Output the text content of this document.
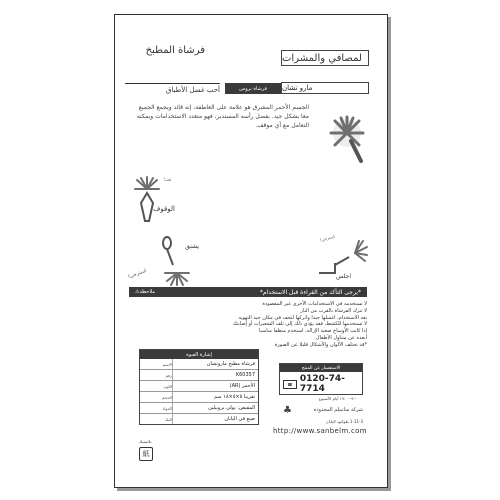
فرشاة المطبخ
لمصافي والمشرات
فرشاة بروس مارو تشان
أحب غسل الأطباق
الجسم الأحمر المشرق هو علامة على العاطفة، إنه قائد ويجمع الجميع معا بشكل جيد. بفضل رأسه المستدير، فهو متعدد الاستخدامات ويمكنه التعامل مع أي موقف.
قف!
الوقوف
يشنق
استرخي!
استرخي!
اجلس
⚠ملاحظة	*يرجى التأكد من القراءة قبل الاستخدام*
لا تستخدمه في الاستخدامات الأخرى غير المقصودة
لا تترك الفرشاة بالقرب من النار
بعد الاستخدام، اغسلها جيدا واتركها لتجف في مكان جيد التهوية
لا تستخدمها للكشط، فقد يؤدي ذلك إلى تلف الشعيرات أو إصابتك
إذا كانت الأوساخ صعبة الإزالة، استخدم منظفا مناسبا
أبعده عن متناول الأطفال
*قد تختلف الألوان والأشكال قليلا عن الصورة
إشارة العبوة
فرشاة مطبخ ماروتشان
الاسم
K60357
رقم
الأحمر (AR)
اللون
تقريبا ٥×٥×١٨ سم
الحجم
المقبض: بولي بروبيلين
المواد
صنع في اليابان
البلد
الاستفسار عن المنتج
☎ 0120-74-7714
٩:٠٠-١٧:٠٠ أيام الأسبوع
♣	شركة سانبيلم المحدودة
1-11-3 طوكيو، اليابان
http://www.sanbelm.com
بلاستيك
紙
